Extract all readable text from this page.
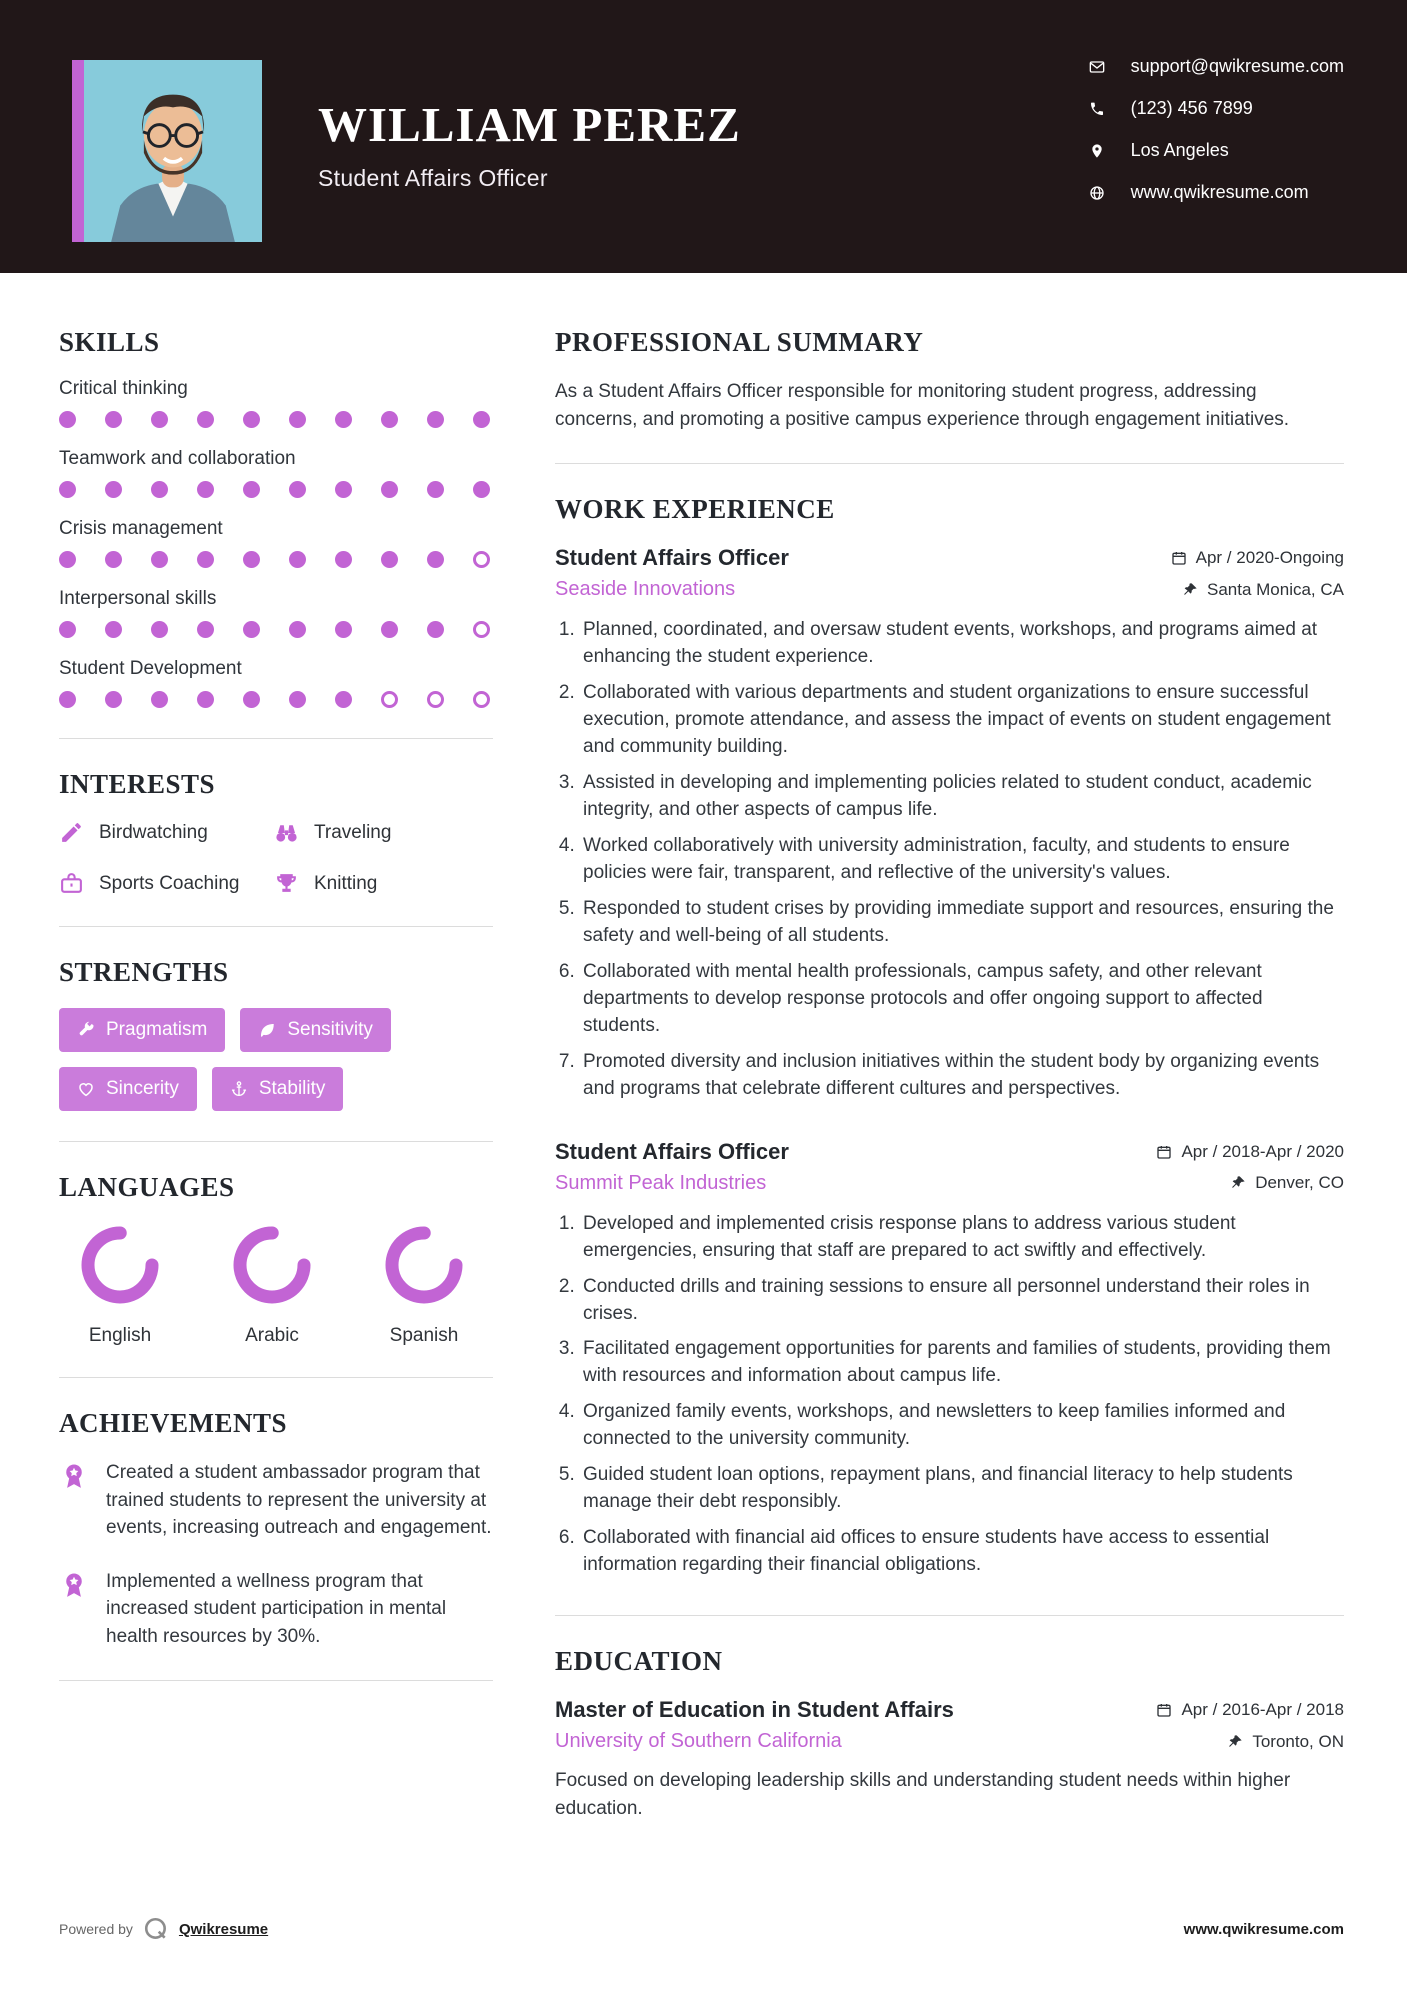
WILLIAM PEREZ
Student Affairs Officer
support@qwikresume.com
(123) 456 7899
Los Angeles
www.qwikresume.com
SKILLS
Critical thinking
Teamwork and collaboration
Crisis management
Interpersonal skills
Student Development
INTERESTS
Birdwatching	Traveling
Sports Coaching	Knitting
STRENGTHS
Pragmatism	Sensitivity
Sincerity	Stability
LANGUAGES
English	Arabic	Spanish
ACHIEVEMENTS
Created a student ambassador program that trained students to represent the university at events, increasing outreach and engagement.
Implemented a wellness program that increased student participation in mental health resources by 30%.
PROFESSIONAL SUMMARY

As a Student Affairs Officer responsible for monitoring student progress, addressing concerns, and promoting a positive campus experience through engagement initiatives.

WORK EXPERIENCE
Student Affairs Officer	Apr / 2020-Ongoing
Seaside Innovations	Santa Monica, CA
1. Planned, coordinated, and oversaw student events, workshops, and programs aimed at enhancing the student experience.
2. Collaborated with various departments and student organizations to ensure successful execution, promote attendance, and assess the impact of events on student engagement and community building.
3. Assisted in developing and implementing policies related to student conduct, academic integrity, and other aspects of campus life.
4. Worked collaboratively with university administration, faculty, and students to ensure policies were fair, transparent, and reflective of the university's values.
5. Responded to student crises by providing immediate support and resources, ensuring the safety and well-being of all students.
6. Collaborated with mental health professionals, campus safety, and other relevant departments to develop response protocols and offer ongoing support to affected students.
7. Promoted diversity and inclusion initiatives within the student body by organizing events and programs that celebrate different cultures and perspectives.
Student Affairs Officer	Apr / 2018-Apr / 2020
Summit Peak Industries	Denver, CO
1. Developed and implemented crisis response plans to address various student emergencies, ensuring that staff are prepared to act swiftly and effectively.
2. Conducted drills and training sessions to ensure all personnel understand their roles in crises.
3. Facilitated engagement opportunities for parents and families of students, providing them with resources and information about campus life.
4. Organized family events, workshops, and newsletters to keep families informed and connected to the university community.
5. Guided student loan options, repayment plans, and financial literacy to help students manage their debt responsibly.
6. Collaborated with financial aid offices to ensure students have access to essential information regarding their financial obligations.
EDUCATION
Master of Education in Student Affairs	Apr / 2016-Apr / 2018
University of Southern California	Toronto, ON

Focused on developing leadership skills and understanding student needs within higher education.

Powered by	Qwikresume	www.qwikresume.com
